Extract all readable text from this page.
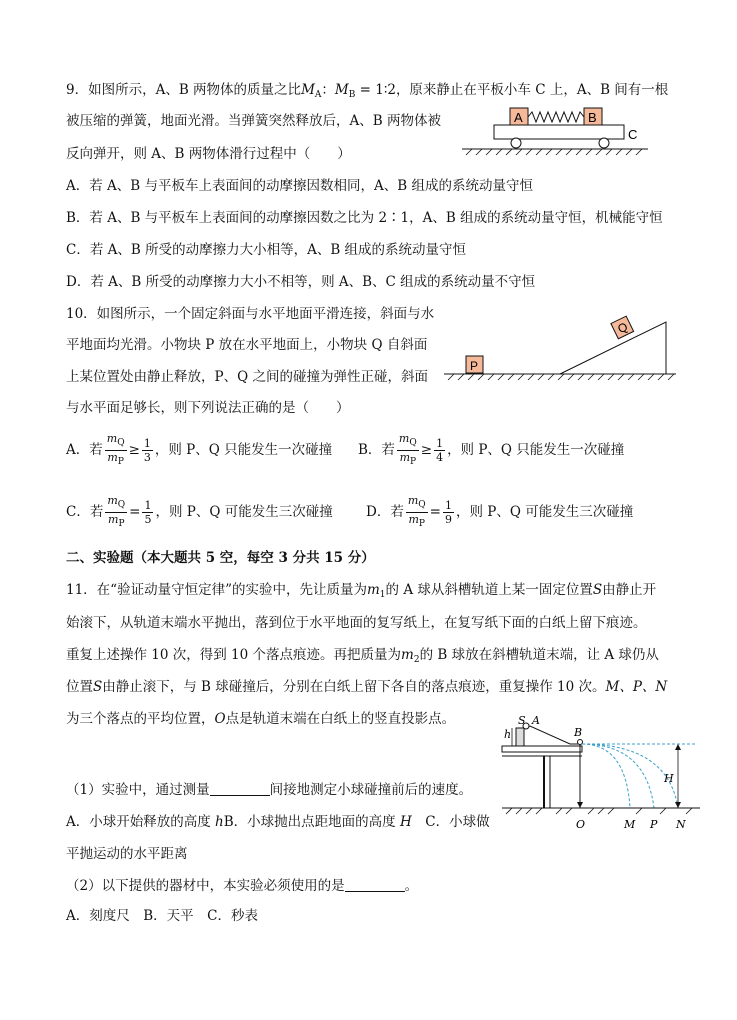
9．如图所示，A、B 两物体的质量之比$M_A$：$M_B$ = 1∶2，原来静止在平板小车 C 上，A、B 间有一根
被压缩的弹簧，地面光滑。当弹簧突然释放后，A、B 两物体被
反向弹开，则 A、B 两物体滑行过程中（　　）
A．若 A、B 与平板车上表面间的动摩擦因数相同，A、B 组成的系统动量守恒
B．若 A、B 与平板车上表面间的动摩擦因数之比为 2∶1，A、B 组成的系统动量守恒，机械能守恒
C．若 A、B 所受的动摩擦力大小相等，A、B 组成的系统动量守恒
D．若 A、B 所受的动摩擦力大小不相等，则 A、B、C 组成的系统动量不守恒
A	B
C
10．如图所示，一个固定斜面与水平地面平滑连接，斜面与水
平地面均光滑。小物块 P 放在水平地面上，小物块 Q 自斜面
上某位置处由静止释放，P、Q 之间的碰撞为弹性正碰，斜面
与水平面足够长，则下列说法正确的是（　　）
P
Q
A．若 $\frac{m_Q}{m_P} \ge \frac{1}{3}$ ，则 P、Q 只能发生一次碰撞 B．若 $\frac{m_Q}{m_P} \ge \frac{1}{4}$ ，则 P、Q 只能发生一次碰撞
C．若 $\frac{m_Q}{m_P} = \frac{1}{5}$ ，则 P、Q 可能发生三次碰撞 D．若 $\frac{m_Q}{m_P} = \frac{1}{9}$ ，则 P、Q 可能发生三次碰撞
二、实验题（本大题共 5 空，每空 3 分共 15 分）
11．在“验证动量守恒定律”的实验中，先让质量为$m_1$的 A 球从斜槽轨道上某一固定位置S由静止开
始滚下，从轨道末端水平抛出，落到位于水平地面的复写纸上，在复写纸下面的白纸上留下痕迹。
重复上述操作 10 次，得到 10 个落点痕迹。再把质量为$m_2$的 B 球放在斜槽轨道末端，让 A 球仍从
位置S由静止滚下，与 B 球碰撞后，分别在白纸上留下各自的落点痕迹，重复操作 10 次。M、P、N
为三个落点的平均位置，O点是轨道末端在白纸上的竖直投影点。
（1）实验中，通过测量	间接地测定小球碰撞前后的速度。
A．小球开始释放的高度 hB．小球抛出点距地面的高度 H　C．小球做
平抛运动的水平距离
（2）以下提供的器材中，本实验必须使用的是	。
A．刻度尺　B．天平　C．秒表
S A
h	B
H
O	M P N
